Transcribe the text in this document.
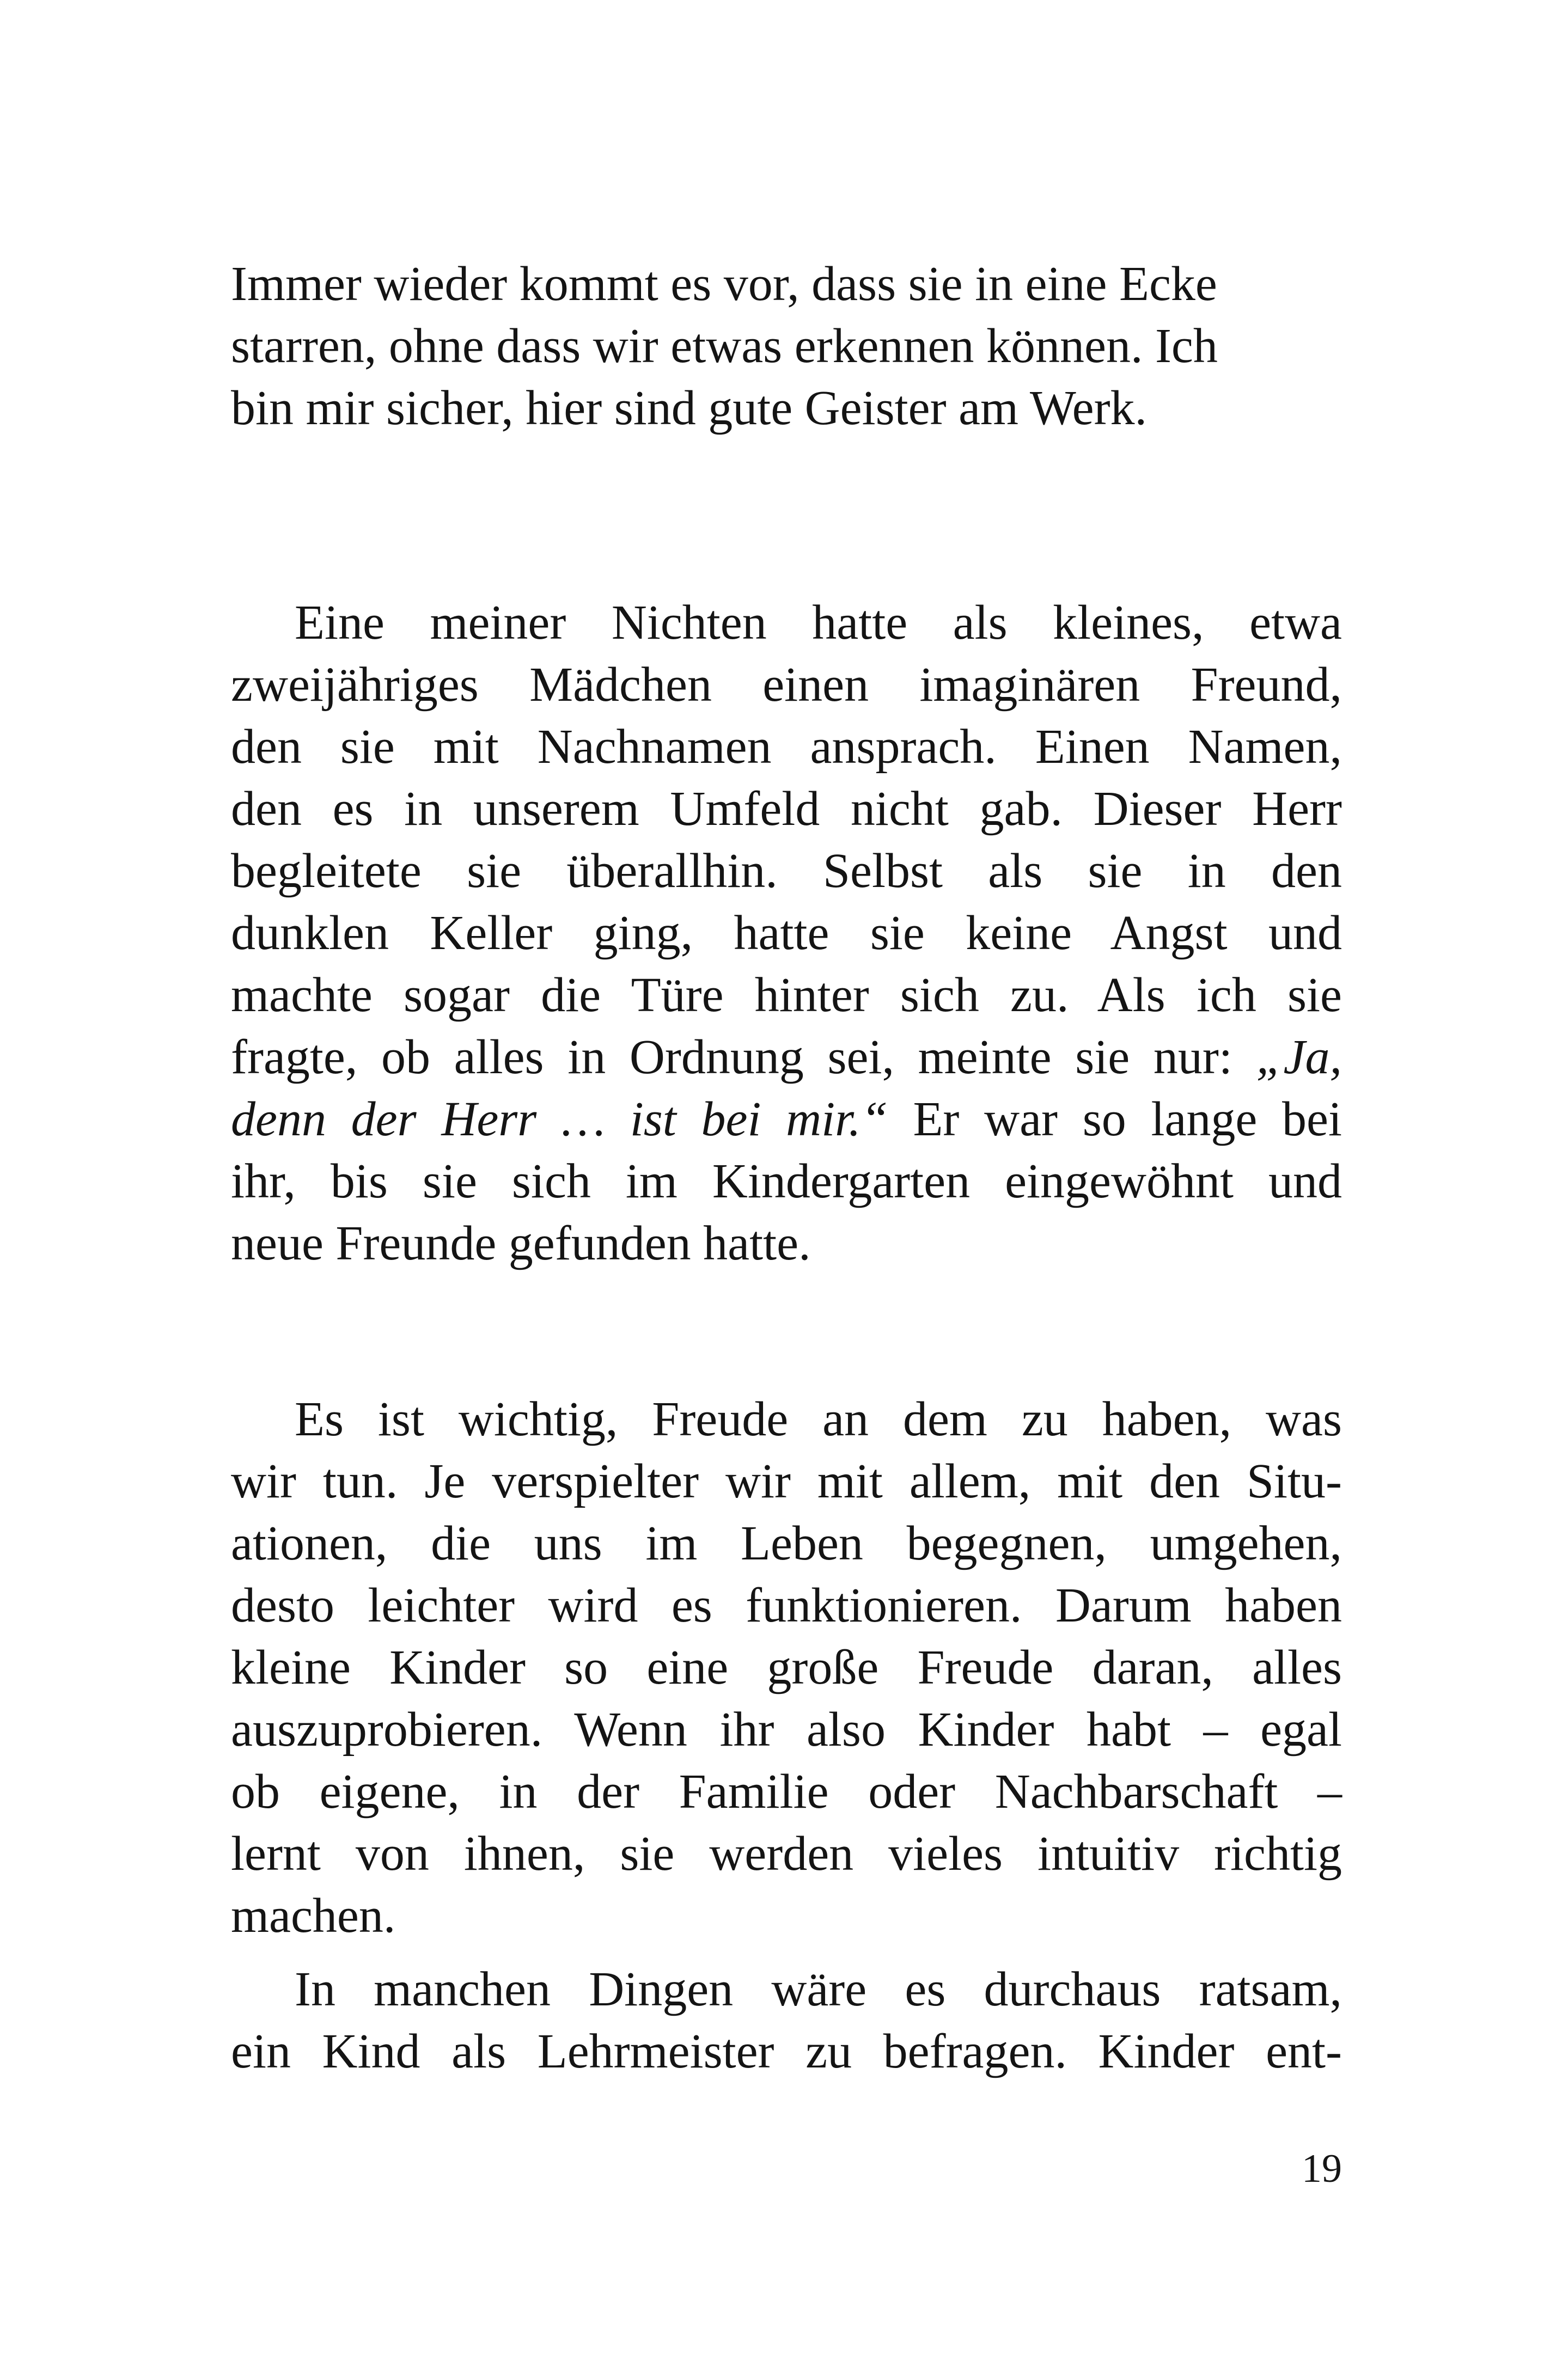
Immer wieder kommt es vor, dass sie in eine Ecke
starren, ohne dass wir etwas erkennen können. Ich
bin mir sicher, hier sind gute Geister am Werk.
Eine meiner Nichten hatte als kleines, etwa
zweijähriges Mädchen einen imaginären Freund,
den sie mit Nachnamen ansprach. Einen Namen,
den es in unserem Umfeld nicht gab. Dieser Herr
begleitete sie überallhin. Selbst als sie in den
dunklen Keller ging, hatte sie keine Angst und
machte sogar die Türe hinter sich zu. Als ich sie
fragte, ob alles in Ordnung sei, meinte sie nur: „Ja,
denn der Herr … ist bei mir.“ Er war so lange bei
ihr, bis sie sich im Kindergarten eingewöhnt und
neue Freunde gefunden hatte.
Es ist wichtig, Freude an dem zu haben, was
wir tun. Je verspielter wir mit allem, mit den Situ-
ationen, die uns im Leben begegnen, umgehen,
desto leichter wird es funktionieren. Darum haben
kleine Kinder so eine große Freude daran, alles
auszuprobieren. Wenn ihr also Kinder habt – egal
ob eigene, in der Familie oder Nachbarschaft –
lernt von ihnen, sie werden vieles intuitiv richtig
machen.
In manchen Dingen wäre es durchaus ratsam,
ein Kind als Lehrmeister zu befragen. Kinder ent-
19
